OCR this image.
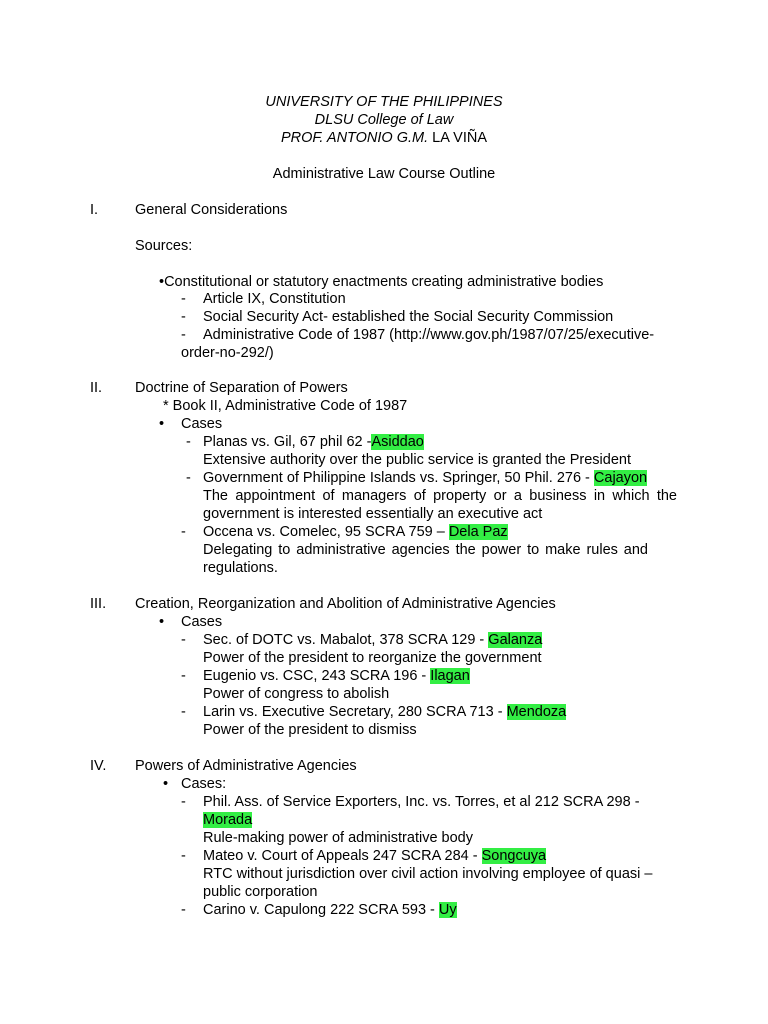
UNIVERSITY OF THE PHILIPPINES
DLSU College of Law
PROF. ANTONIO G.M. LA VIÑA
Administrative Law Course Outline
I.	General Considerations
Sources:
•Constitutional or statutory enactments creating administrative bodies
- Article IX, Constitution
- Social Security Act- established the Social Security Commission
- Administrative Code of 1987 (http://www.gov.ph/1987/07/25/executive-
order-no-292/)
II. Doctrine of Separation of Powers
* Book II, Administrative Code of 1987
• Cases
- Planas vs. Gil, 67 phil 62 -Asiddao
Extensive authority over the public service is granted the President
- Government of Philippine Islands vs. Springer, 50 Phil. 276 - Cajayon
The appointment of managers of property or a business in which the
government is interested essentially an executive act
- Occena vs. Comelec, 95 SCRA 759 – Dela Paz
Delegating to administrative agencies the power to make rules and
regulations.
III. Creation, Reorganization and Abolition of Administrative Agencies
• Cases
- Sec. of DOTC vs. Mabalot, 378 SCRA 129 - Galanza
Power of the president to reorganize the government
- Eugenio vs. CSC, 243 SCRA 196 - Ilagan
Power of congress to abolish
- Larin vs. Executive Secretary, 280 SCRA 713 - Mendoza
Power of the president to dismiss
IV. Powers of Administrative Agencies
• Cases:
- Phil. Ass. of Service Exporters, Inc. vs. Torres, et al 212 SCRA 298 -
Morada
Rule-making power of administrative body
- Mateo v. Court of Appeals 247 SCRA 284 - Songcuya
RTC without jurisdiction over civil action involving employee of quasi –
public corporation
- Carino v. Capulong 222 SCRA 593 - Uy
